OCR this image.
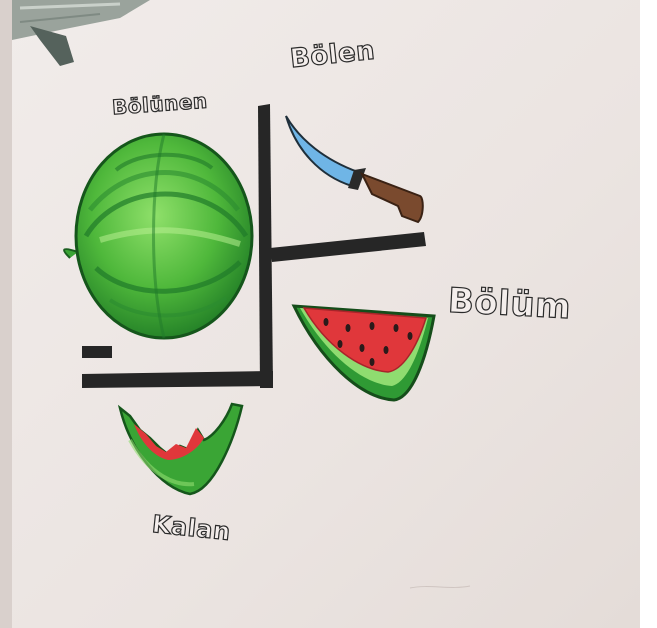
Bölünen
Bölen
Bölüm
Kalan
